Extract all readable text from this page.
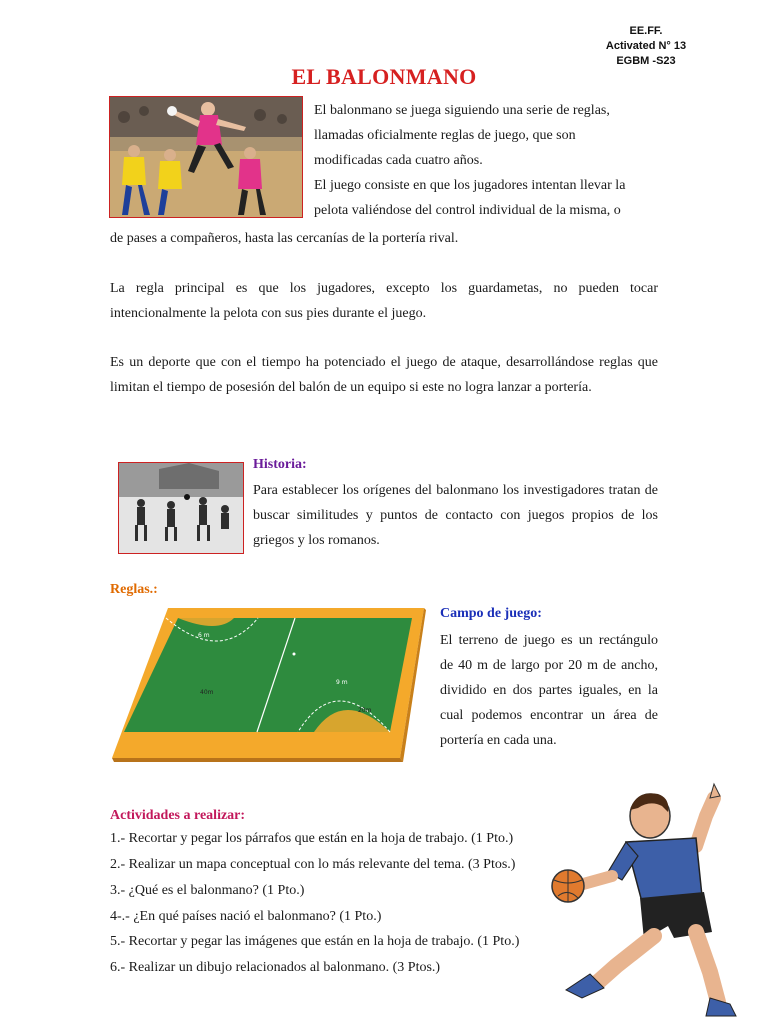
EE.FF.
Activated N° 13
EGBM -S23
EL BALONMANO
El balonmano se juega siguiendo una serie de reglas,
llamadas oficialmente reglas de juego, que son
modificadas cada cuatro años.
El juego consiste en que los jugadores intentan llevar la
pelota valiéndose del control individual de la misma, o
de pases a compañeros, hasta las cercanías de la portería rival.
La regla principal es que los jugadores, excepto los guardametas, no pueden tocar intencionalmente la pelota con sus pies durante el juego.
Es un deporte que con el tiempo ha potenciado el juego de ataque, desarrollándose reglas que limitan el tiempo de posesión del balón de un equipo si este no logra lanzar a portería.
Historia:
Para establecer los orígenes del balonmano los investigadores tratan de buscar similitudes y puntos de contacto con juegos propios de los griegos y los romanos.
Reglas.:
6 m
9 m
40m
20m
Campo de juego:
El terreno de juego es un rectángulo de 40 m de largo por 20 m de ancho, dividido en dos partes iguales, en la cual podemos encontrar un área de portería en cada una.
Actividades a realizar:
1.- Recortar y pegar los párrafos que están en la hoja de trabajo. (1 Pto.)
2.- Realizar un mapa conceptual con lo más relevante del tema. (3 Ptos.)
3.- ¿Qué es el balonmano? (1 Pto.)
4-.- ¿En qué países nació el balonmano? (1 Pto.)
5.- Recortar y pegar las imágenes que están en la hoja de trabajo. (1 Pto.)
6.- Realizar un dibujo relacionados al balonmano. (3 Ptos.)
